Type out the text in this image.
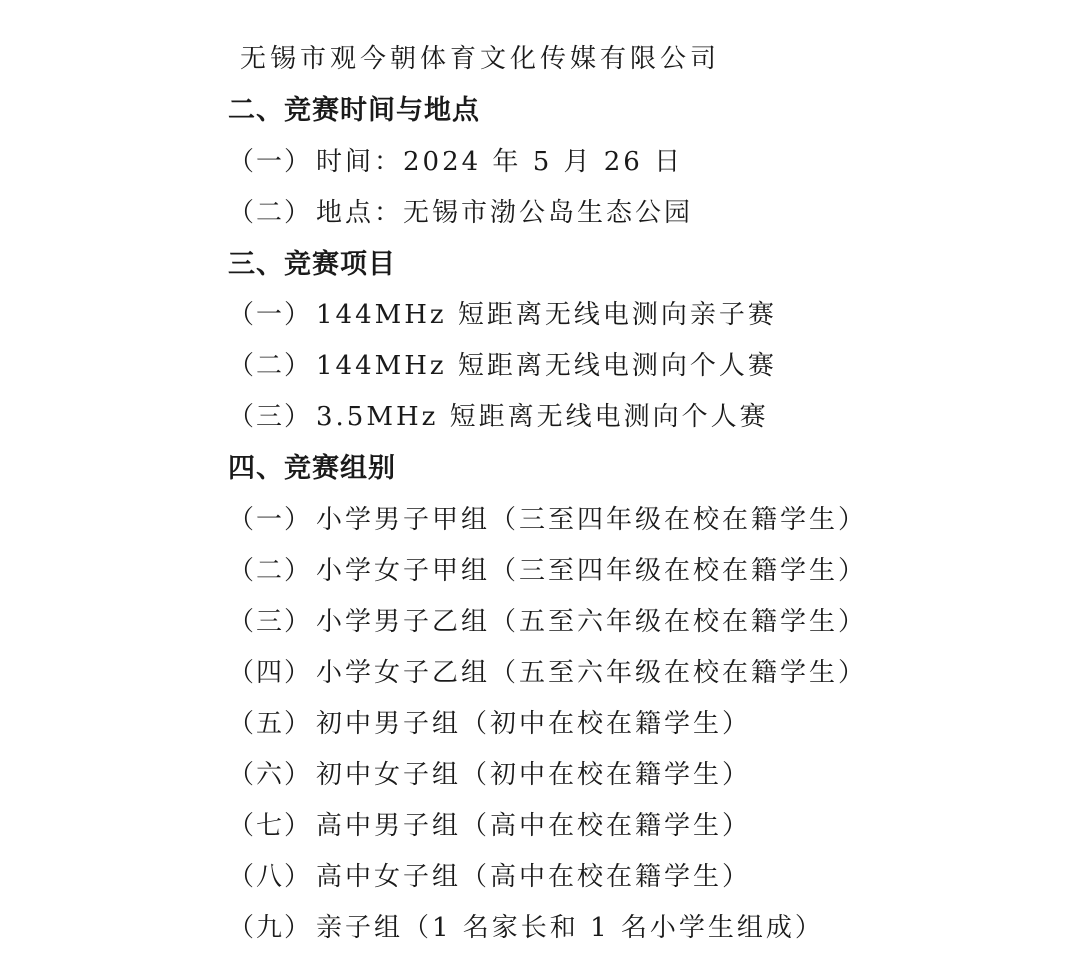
无锡市观今朝体育文化传媒有限公司
二、竞赛时间与地点
（一） 时间：2024 年 5 月 26 日
（二） 地点：无锡市渤公岛生态公园
三、竞赛项目
（一） 144MHz 短距离无线电测向亲子赛
（二） 144MHz 短距离无线电测向个人赛
（三） 3.5MHz 短距离无线电测向个人赛
四、竞赛组别
（一） 小学男子甲组（三至四年级在校在籍学生）
（二） 小学女子甲组（三至四年级在校在籍学生）
（三） 小学男子乙组（五至六年级在校在籍学生）
（四） 小学女子乙组（五至六年级在校在籍学生）
（五） 初中男子组（初中在校在籍学生）
（六） 初中女子组（初中在校在籍学生）
（七） 高中男子组（高中在校在籍学生）
（八） 高中女子组（高中在校在籍学生）
（九） 亲子组（1 名家长和 1 名小学生组成）
